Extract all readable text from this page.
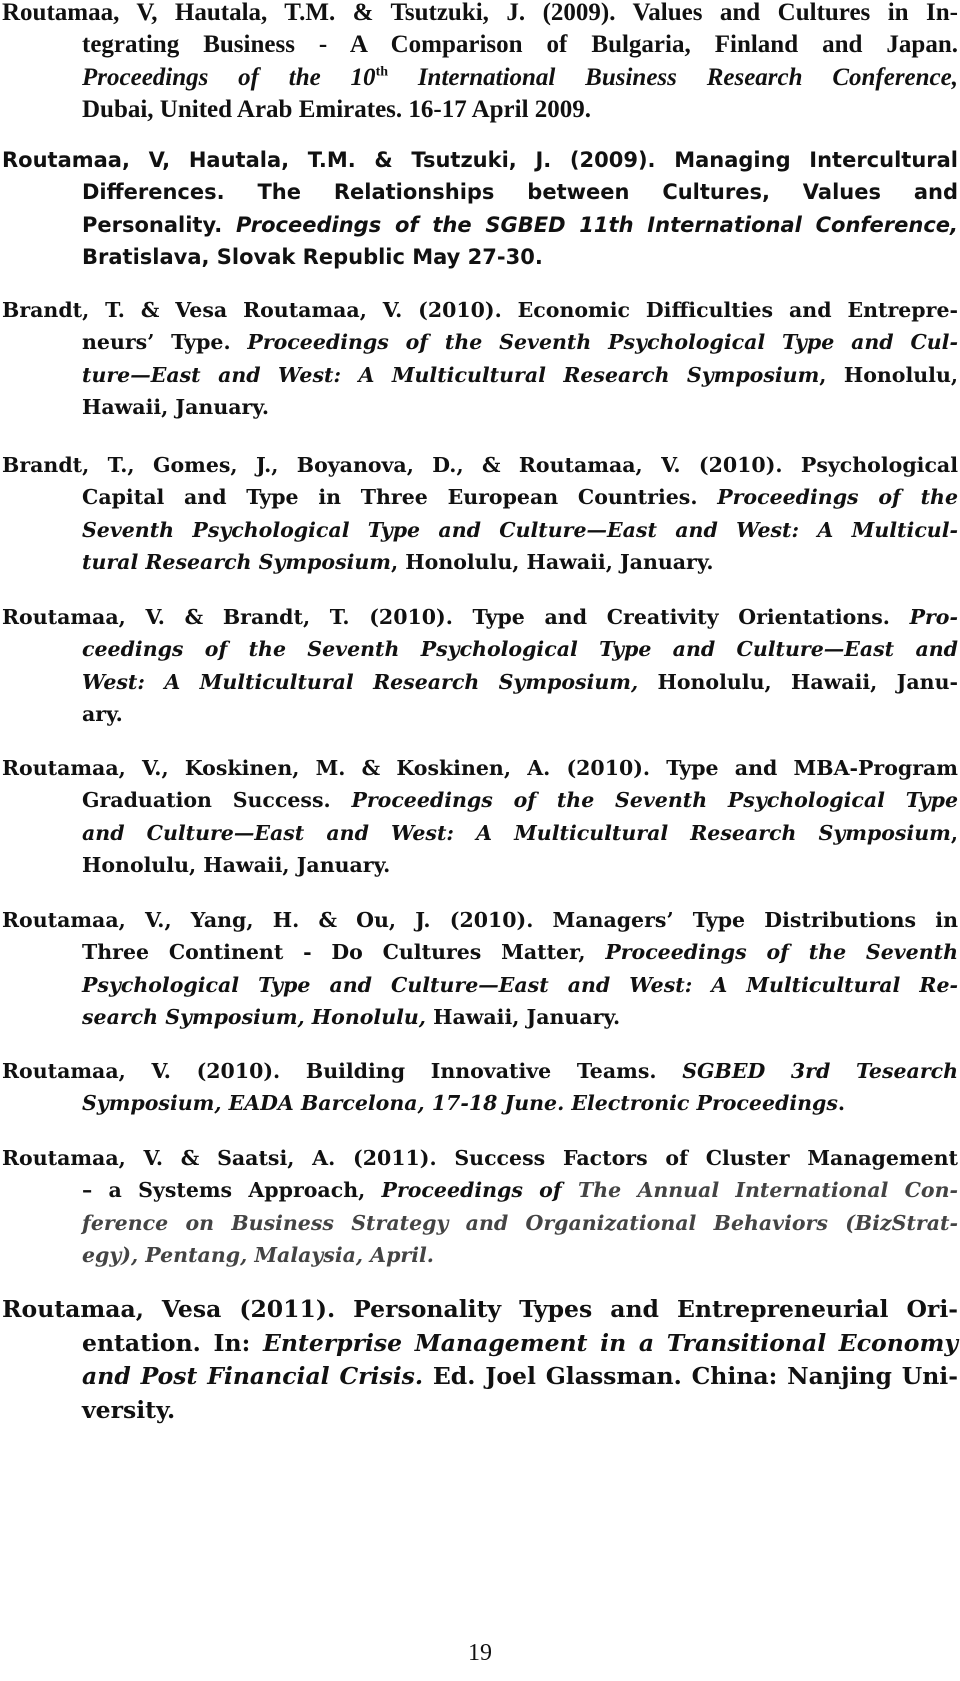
Routamaa, V, Hautala, T.M. & Tsutzuki, J. (2009). Values and Cultures in In-
tegrating Business - A Comparison of Bulgaria, Finland and Japan.
Proceedings of the 10th International Business Research Conference,
Dubai, United Arab Emirates. 16-17 April 2009.
Routamaa, V, Hautala, T.M. & Tsutzuki, J. (2009). Managing Intercultural
Differences. The Relationships between Cultures, Values and
Personality. Proceedings of the SGBED 11th International Conference,
Bratislava, Slovak Republic May 27-30.
Brandt, T. & Vesa Routamaa, V. (2010). Economic Difficulties and Entrepre-
neurs’ Type. Proceedings of the Seventh Psychological Type and Cul-
ture—East and West: A Multicultural Research Symposium, Honolulu,
Hawaii, January.
Brandt, T., Gomes, J., Boyanova, D., & Routamaa, V. (2010). Psychological
Capital and Type in Three European Countries. Proceedings of the
Seventh Psychological Type and Culture—East and West: A Multicul-
tural Research Symposium, Honolulu, Hawaii, January.
Routamaa, V. & Brandt, T. (2010). Type and Creativity Orientations. Pro-
ceedings of the Seventh Psychological Type and Culture—East and
West: A Multicultural Research Symposium, Honolulu, Hawaii, Janu-
ary.
Routamaa, V., Koskinen, M. & Koskinen, A. (2010). Type and MBA-Program
Graduation Success. Proceedings of the Seventh Psychological Type
and Culture—East and West: A Multicultural Research Symposium,
Honolulu, Hawaii, January.
Routamaa, V., Yang, H. & Ou, J. (2010). Managers’ Type Distributions in
Three Continent - Do Cultures Matter, Proceedings of the Seventh
Psychological Type and Culture—East and West: A Multicultural Re-
search Symposium, Honolulu, Hawaii, January.
Routamaa, V. (2010). Building Innovative Teams. SGBED 3rd Tesearch
Symposium, EADA Barcelona, 17-18 June. Electronic Proceedings.
Routamaa, V. & Saatsi, A. (2011). Success Factors of Cluster Management
– a Systems Approach, Proceedings of The Annual International Con-
ference on Business Strategy and Organizational Behaviors (BizStrat-
egy), Pentang, Malaysia, April.
Routamaa, Vesa (2011). Personality Types and Entrepreneurial Ori-
entation. In: Enterprise Management in a Transitional Economy
and Post Financial Crisis. Ed. Joel Glassman. China: Nanjing Uni-
versity.
19
